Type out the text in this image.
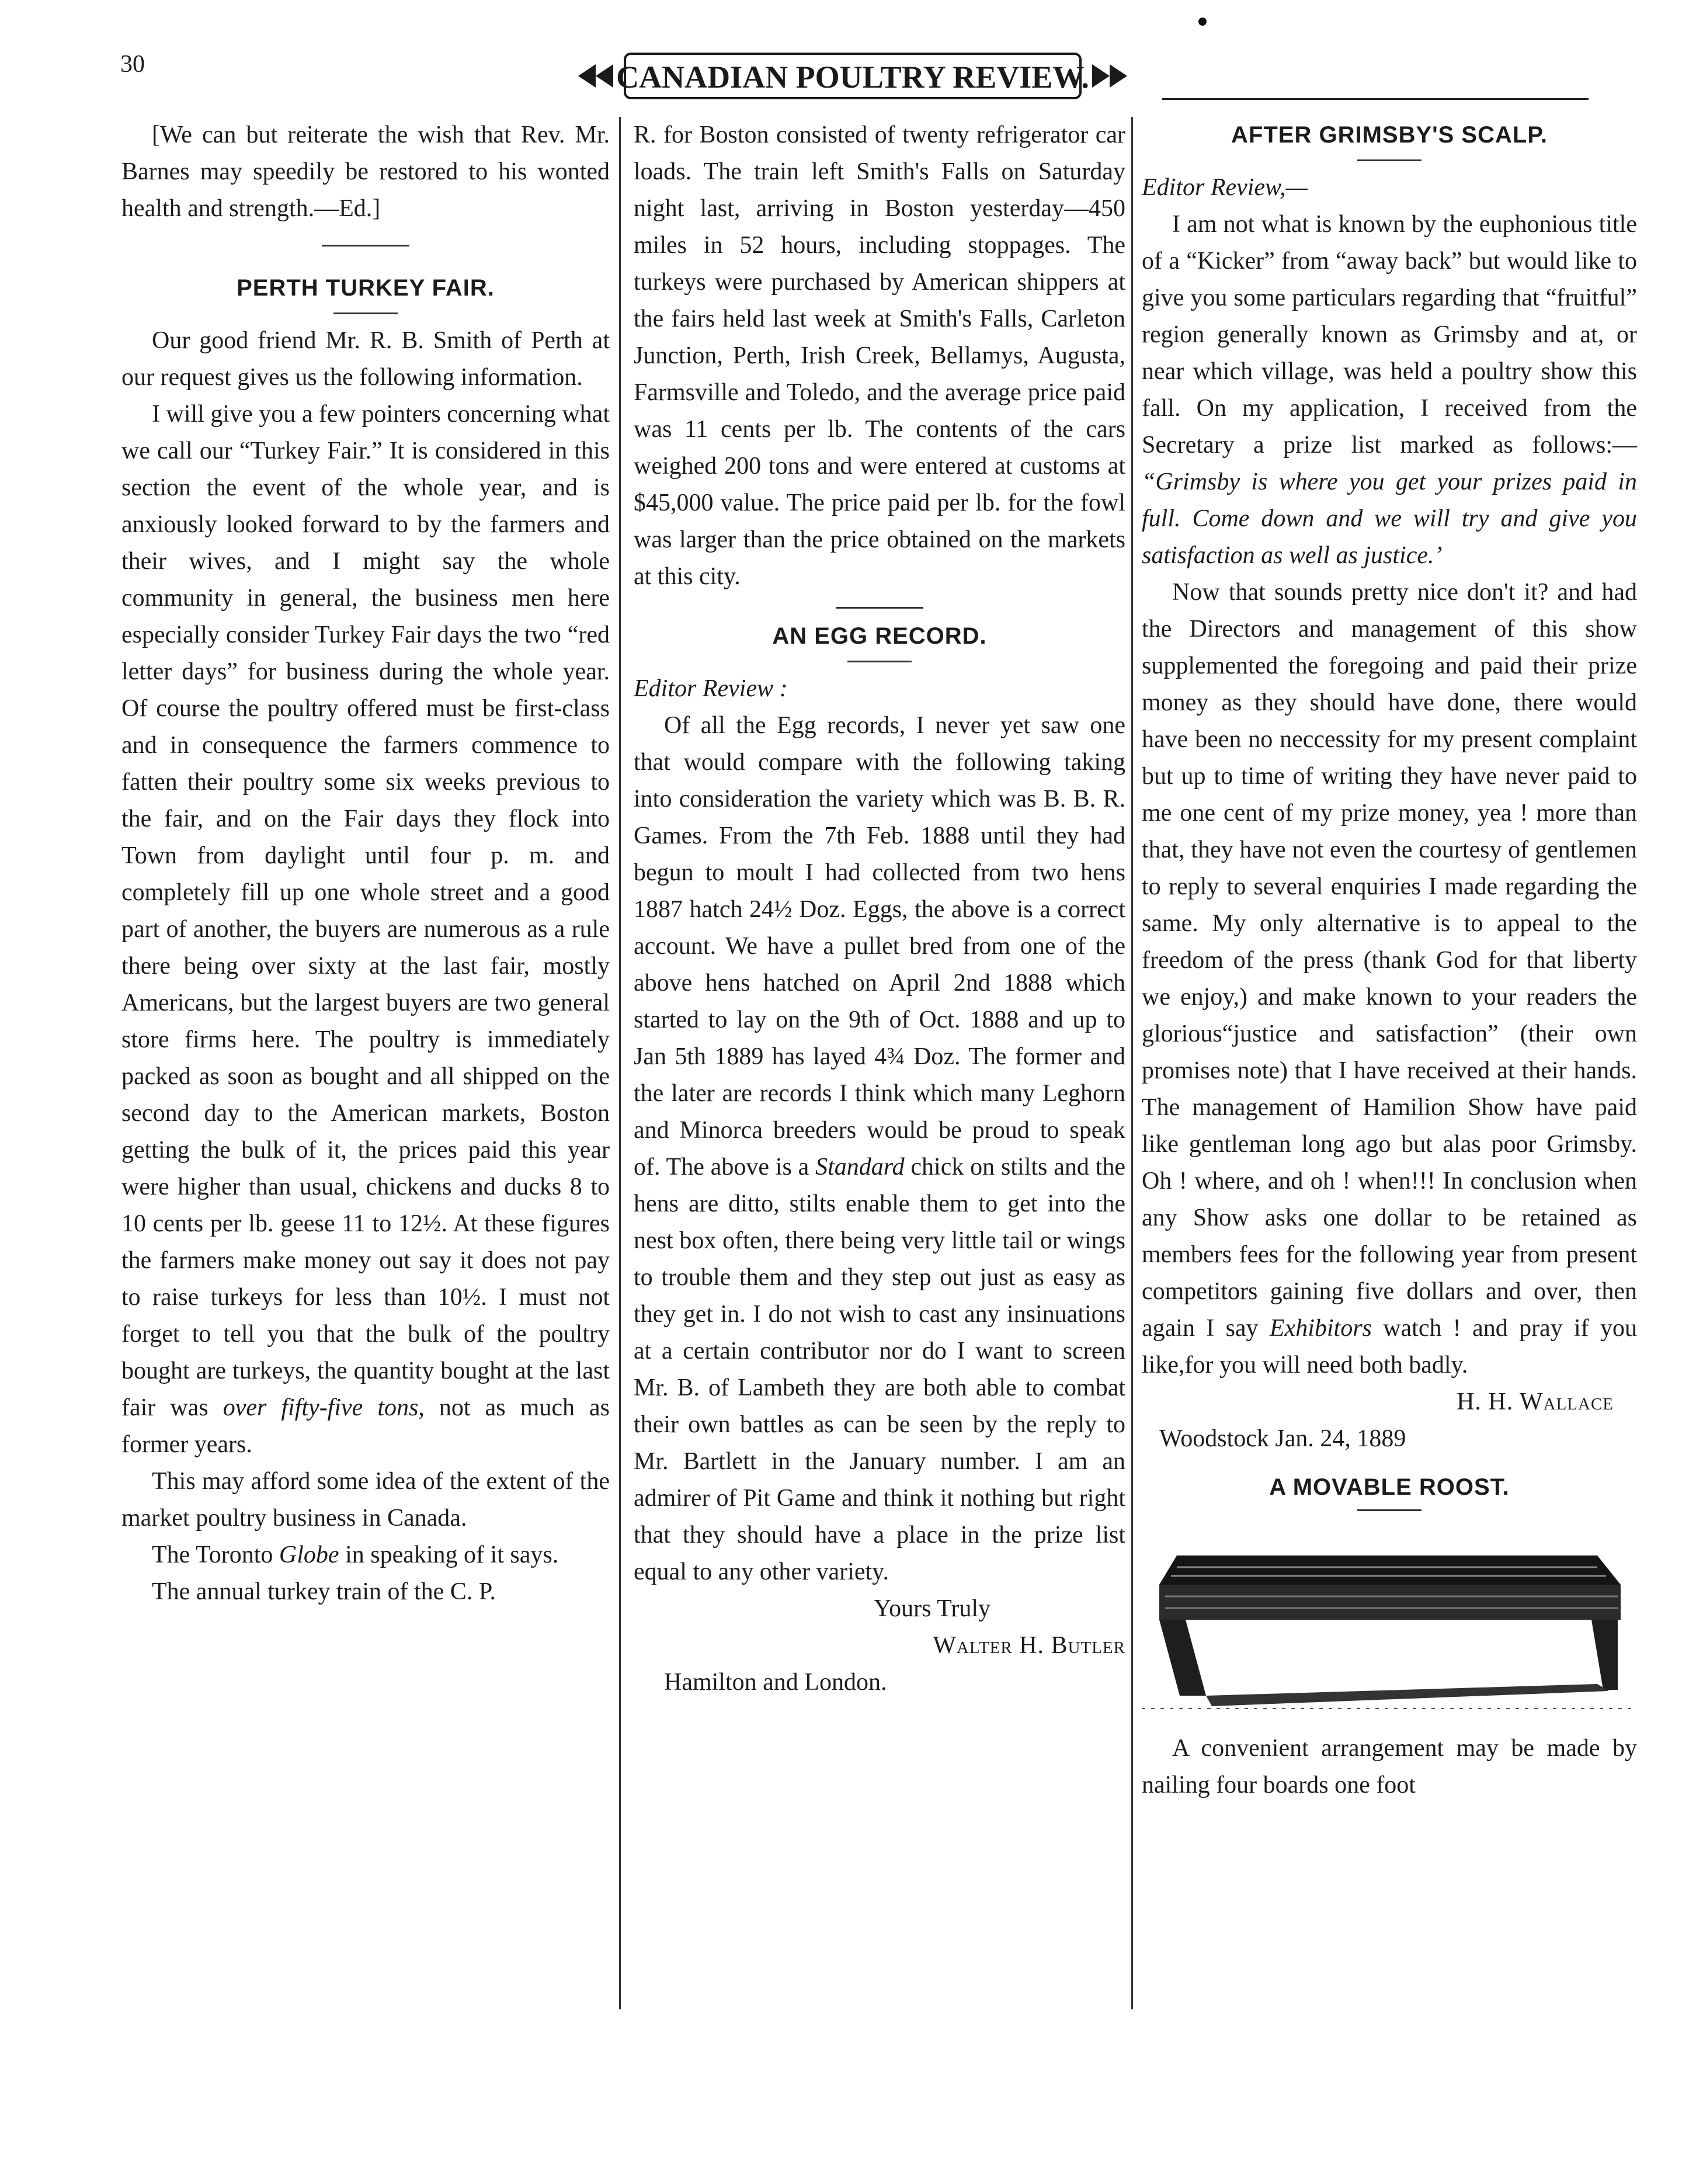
30	CANADIAN POULTRY REVIEW.

[We can but reiterate the wish that Rev. Mr. Barnes may speedily be restored to his wonted health and strength.—Ed.]

PERTH TURKEY FAIR.

Our good friend Mr. R. B. Smith of Perth at our request gives us the following information.

I will give you a few pointers concerning what we call our “Turkey Fair.” It is considered in this section the event of the whole year, and is anxiously looked forward to by the farmers and their wives, and I might say the whole community in general, the business men here especially consider Turkey Fair days the two “red letter days” for business during the whole year. Of course the poultry offered must be first-class and in consequence the farmers commence to fatten their poultry some six weeks previous to the fair, and on the Fair days they flock into Town from daylight until four p. m. and completely fill up one whole street and a good part of another, the buyers are numerous as a rule there being over sixty at the last fair, mostly Americans, but the largest buyers are two general store firms here. The poultry is immediately packed as soon as bought and all shipped on the second day to the American markets, Boston getting the bulk of it, the prices paid this year were higher than usual, chickens and ducks 8 to 10 cents per lb. geese 11 to 12½. At these figures the farmers make money out say it does not pay to raise turkeys for less than 10½. I must not forget to tell you that the bulk of the poultry bought are turkeys, the quantity bought at the last fair was over fifty-five tons, not as much as former years.

This may afford some idea of the extent of the market poultry business in Canada.

The Toronto Globe in speaking of it says.

The annual turkey train of the C. P.

R. for Boston consisted of twenty refrigerator car loads. The train left Smith's Falls on Saturday night last, arriving in Boston yesterday—450 miles in 52 hours, including stoppages. The turkeys were purchased by American shippers at the fairs held last week at Smith's Falls, Carleton Junction, Perth, Irish Creek, Bellamys, Augusta, Farmsville and Toledo, and the average price paid was 11 cents per lb. The contents of the cars weighed 200 tons and were entered at customs at $45,000 value. The price paid per lb. for the fowl was larger than the price obtained on the markets at this city.

AN EGG RECORD.

Editor Review :

Of all the Egg records, I never yet saw one that would compare with the following taking into consideration the variety which was B. B. R. Games. From the 7th Feb. 1888 until they had begun to moult I had collected from two hens 1887 hatch 24½ Doz. Eggs, the above is a correct account. We have a pullet bred from one of the above hens hatched on April 2nd 1888 which started to lay on the 9th of Oct. 1888 and up to Jan 5th 1889 has layed 4¾ Doz. The former and the later are records I think which many Leghorn and Minorca breeders would be proud to speak of. The above is a Standard chick on stilts and the hens are ditto, stilts enable them to get into the nest box often, there being very little tail or wings to trouble them and they step out just as easy as they get in. I do not wish to cast any insinuations at a certain contributor nor do I want to screen Mr. B. of Lambeth they are both able to combat their own battles as can be seen by the reply to Mr. Bartlett in the January number. I am an admirer of Pit Game and think it nothing but right that they should have a place in the prize list equal to any other variety.

Yours Truly

Walter H. Butler

Hamilton and London.

AFTER GRIMSBY'S SCALP.

Editor Review,—

I am not what is known by the euphonious title of a “Kicker” from “away back” but would like to give you some particulars regarding that “fruitful” region generally known as Grimsby and at, or near which village, was held a poultry show this fall. On my application, I received from the Secretary a prize list marked as follows:— “Grimsby is where you get your prizes paid in full. Come down and we will try and give you satisfaction as well as justice.’

Now that sounds pretty nice don't it? and had the Directors and management of this show supplemented the foregoing and paid their prize money as they should have done, there would have been no neccessity for my present complaint but up to time of writing they have never paid to me one cent of my prize money, yea ! more than that, they have not even the courtesy of gentlemen to reply to several enquiries I made regarding the same. My only alternative is to appeal to the freedom of the press (thank God for that liberty we enjoy,) and make known to your readers the glorious“justice and satisfaction” (their own promises note) that I have received at their hands. The management of Hamilion Show have paid like gentleman long ago but alas poor Grimsby. Oh ! where, and oh ! when!!! In conclusion when any Show asks one dollar to be retained as members fees for the following year from present competitors gaining five dollars and over, then again I say Exhibitors watch ! and pray if you like,for you will need both badly.

H. H. Wallace

Woodstock Jan. 24, 1889

A MOVABLE ROOST.

A convenient arrangement may be made by nailing four boards one foot
